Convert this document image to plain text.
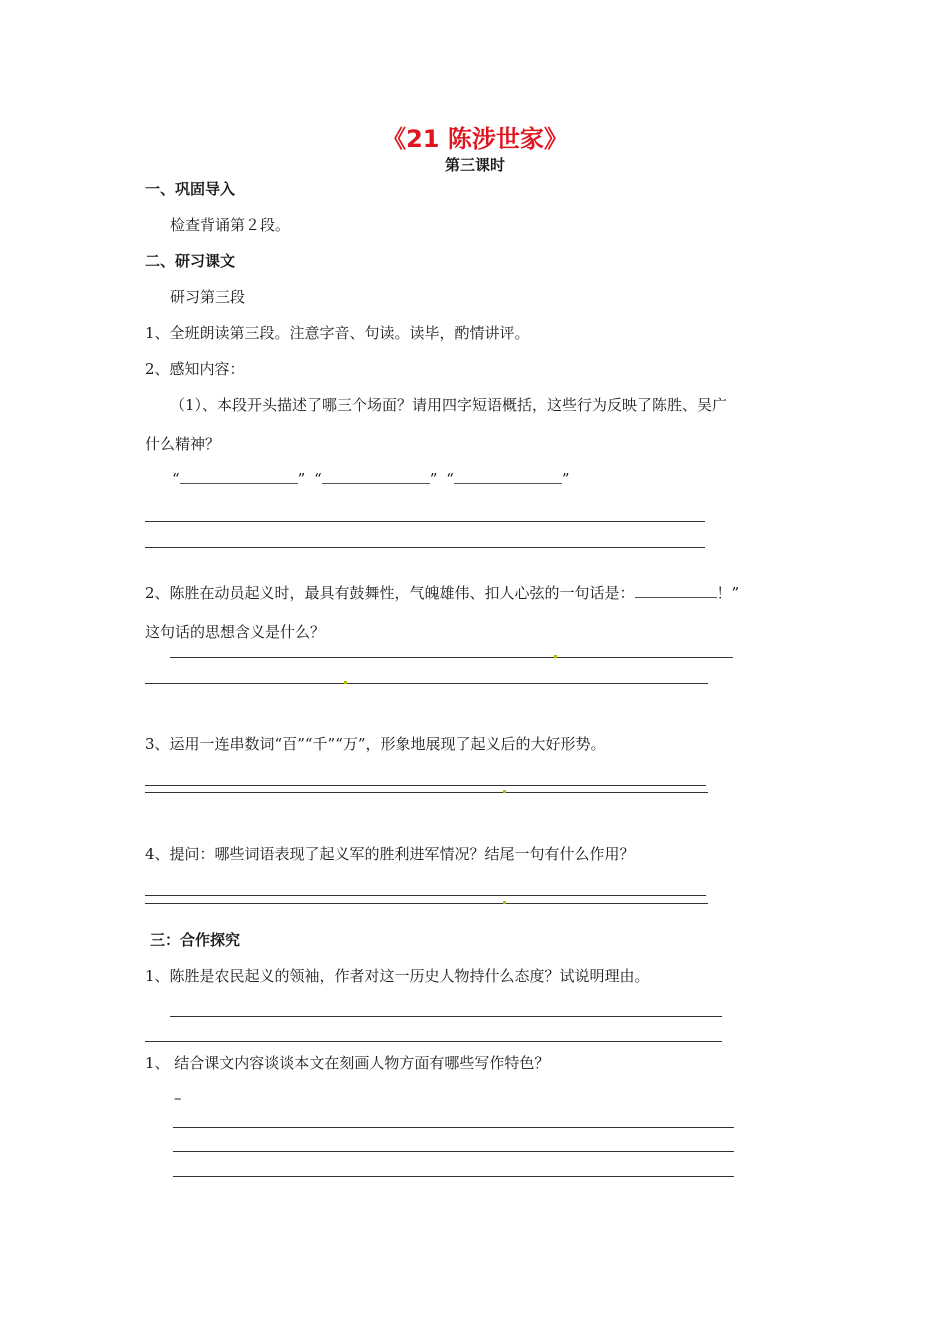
《21 陈涉世家》
第三课时
一、巩固导入
检查背诵第２段。
二、研习课文
研习第三段
1、全班朗读第三段。注意字音、句读。读毕，酌情讲评。
2、感知内容：
（1）、本段开头描述了哪三个场面？请用四字短语概括，这些行为反映了陈胜、吴广
什么精神？
“	” “	” “	”
2、陈胜在动员起义时，最具有鼓舞性，气魄雄伟、扣人心弦的一句话是：	！”
这句话的思想含义是什么？
3、运用一连串数词“百”“千”“万”，形象地展现了起义后的大好形势。
4、提问：哪些词语表现了起义军的胜利进军情况？结尾一句有什么作用？
三：合作探究
1、陈胜是农民起义的领袖，作者对这一历史人物持什么态度？试说明理由。
1、 结合课文内容谈谈本文在刻画人物方面有哪些写作特色？
–
